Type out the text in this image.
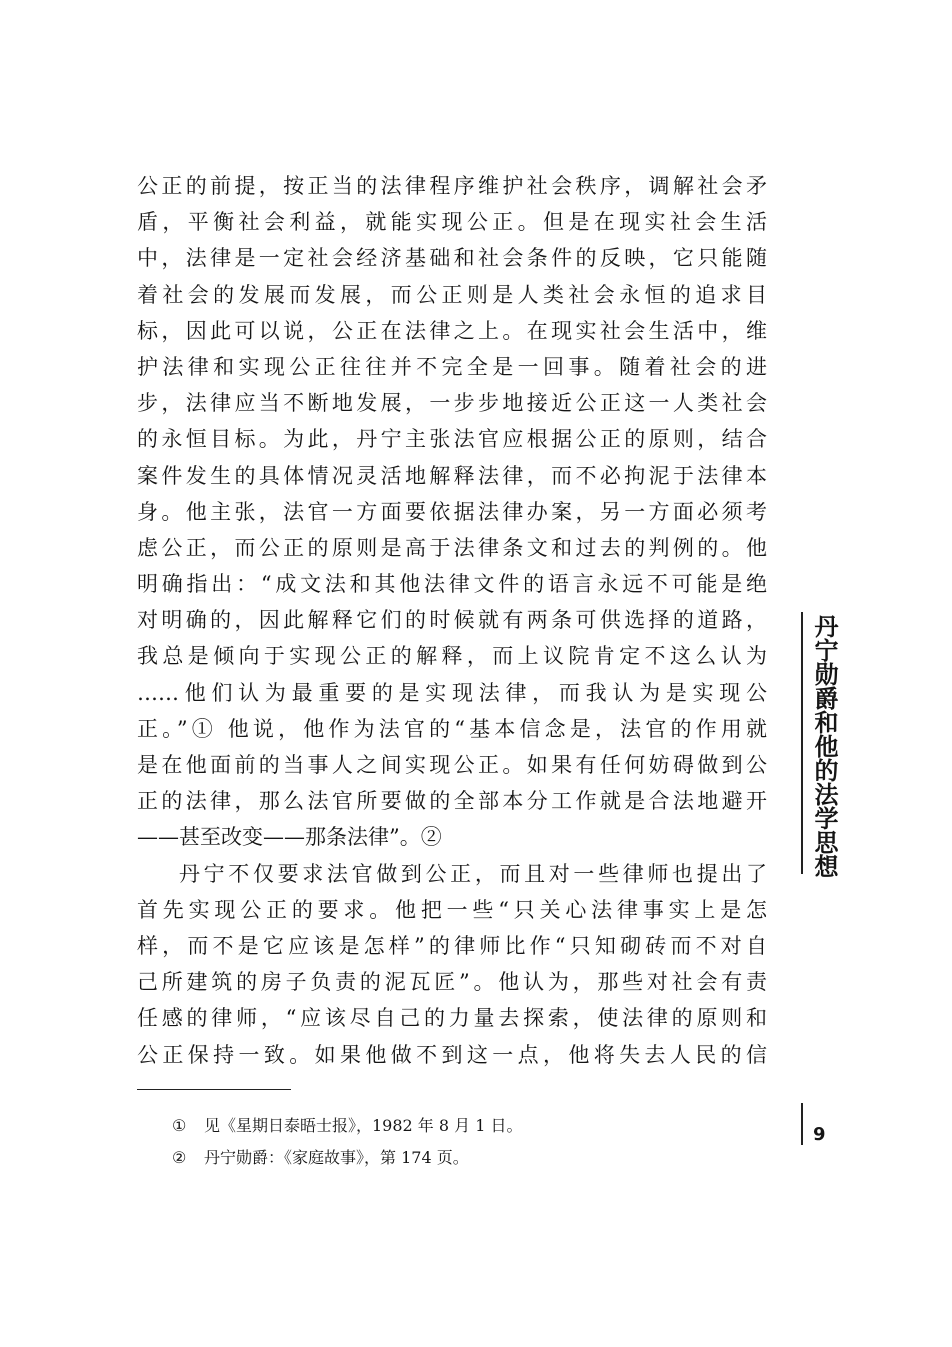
公正的前提，按正当的法律程序维护社会秩序，调解社会矛
盾，平衡社会利益，就能实现公正。但是在现实社会生活
中，法律是一定社会经济基础和社会条件的反映，它只能随
着社会的发展而发展，而公正则是人类社会永恒的追求目
标，因此可以说，公正在法律之上。在现实社会生活中，维
护法律和实现公正往往并不完全是一回事。随着社会的进
步，法律应当不断地发展，一步步地接近公正这一人类社会
的永恒目标。为此，丹宁主张法官应根据公正的原则，结合
案件发生的具体情况灵活地解释法律，而不必拘泥于法律本
身。他主张，法官一方面要依据法律办案，另一方面必须考
虑公正，而公正的原则是高于法律条文和过去的判例的。他
明确指出：“成文法和其他法律文件的语言永远不可能是绝
对明确的，因此解释它们的时候就有两条可供选择的道路，
我总是倾向于实现公正的解释，而上议院肯定不这么认为
……他们认为最重要的是实现法律，而我认为是实现公
正。”① 他说，他作为法官的“基本信念是，法官的作用就
是在他面前的当事人之间实现公正。如果有任何妨碍做到公
正的法律，那么法官所要做的全部本分工作就是合法地避开
——甚至改变——那条法律”。②
丹宁不仅要求法官做到公正，而且对一些律师也提出了
首先实现公正的要求。他把一些“只关心法律事实上是怎
样，而不是它应该是怎样”的律师比作“只知砌砖而不对自
己所建筑的房子负责的泥瓦匠”。他认为，那些对社会有责
任感的律师，“应该尽自己的力量去探索，使法律的原则和
公正保持一致。如果他做不到这一点，他将失去人民的信
① 见《星期日泰晤士报》，1982 年 8 月 1 日。
② 丹宁勋爵：《家庭故事》，第 174 页。
丹宁勋爵和他的法学思想
9
